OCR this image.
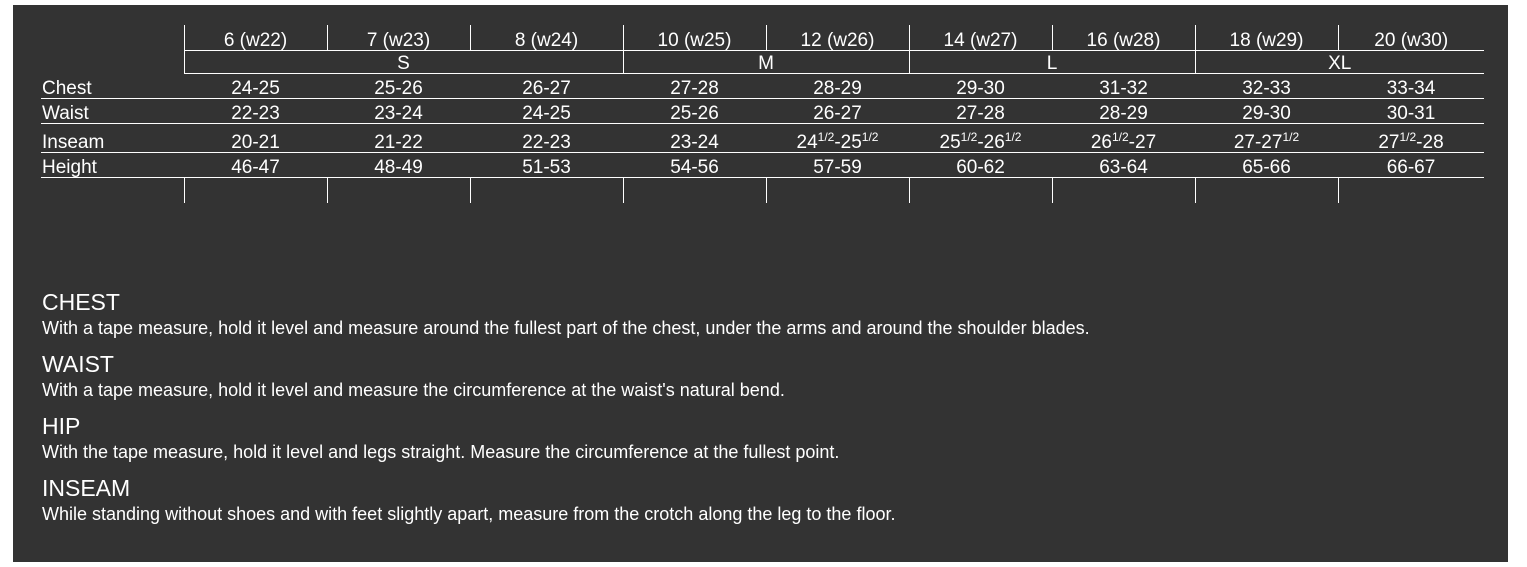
	6 (w22)	7 (w23)	8 (w24)	10 (w25)	12 (w26)	14 (w27)	16 (w28)	18 (w29)	20 (w30)
	S			M		L		XL	
Chest	24-25	25-26	26-27	27-28	28-29	29-30	31-32	32-33	33-34
Waist	22-23	23-24	24-25	25-26	26-27	27-28	28-29	29-30	30-31
Inseam	20-21	21-22	22-23	23-24	$24^{1/2}-25^{1/2}$	$25^{1/2}-26^{1/2}$	$26^{1/2}-27$	$27-27^{1/2}$	$27^{1/2}-28$
Height	46-47	48-49	51-53	54-56	57-59	60-62	63-64	65-66	66-67

CHEST

With a tape measure, hold it level and measure around the fullest part of the chest, under the arms and around the shoulder blades.

WAIST

With a tape measure, hold it level and measure the circumference at the waist's natural bend.

HIP

With the tape measure, hold it level and legs straight. Measure the circumference at the fullest point.

INSEAM

While standing without shoes and with feet slightly apart, measure from the crotch along the leg to the floor.
